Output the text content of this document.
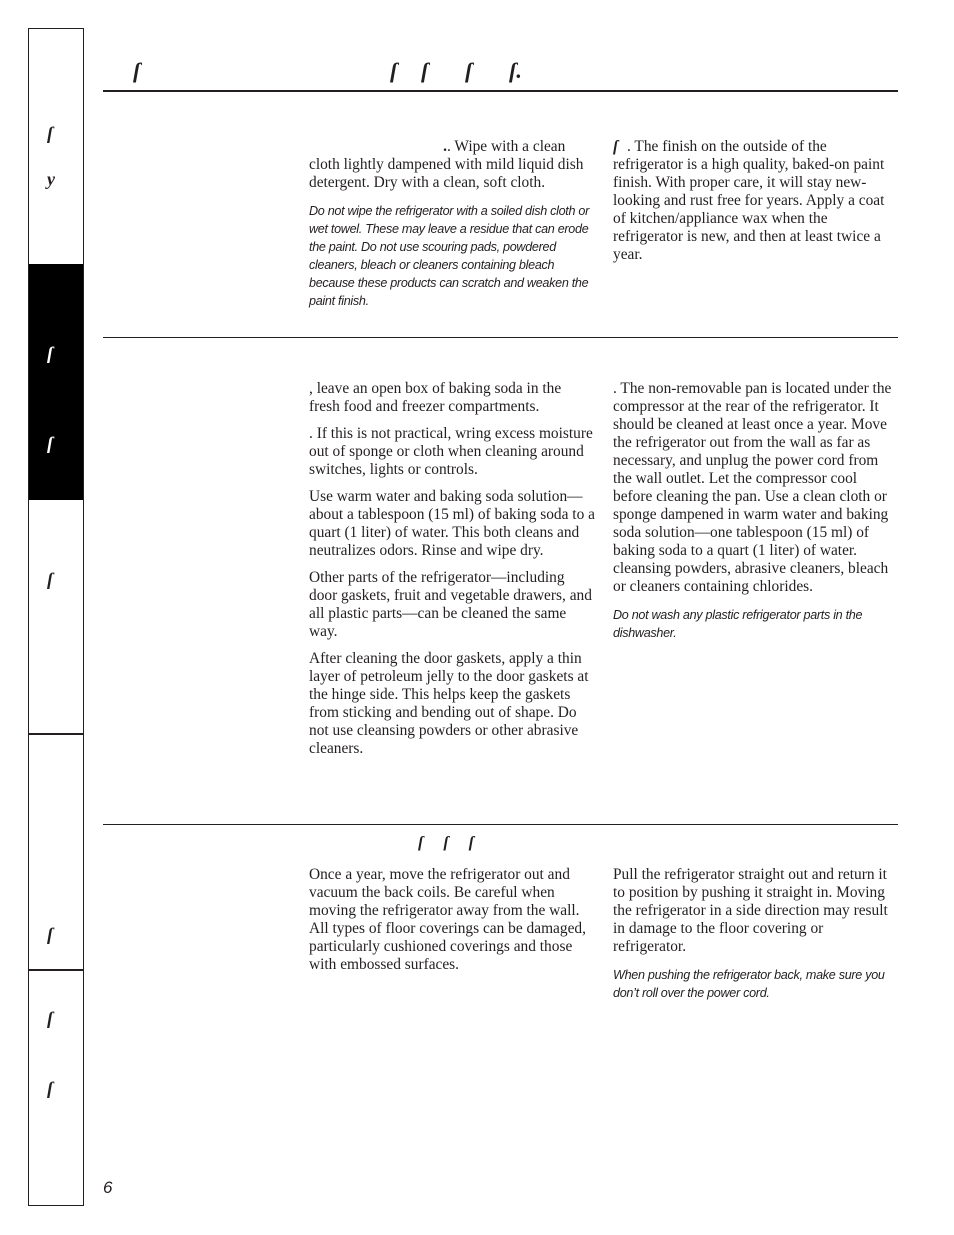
ſ
y
ſ
ſ
ſ
ſ
ſ
ſ
ſ	ſ ſ ſ ſ.

.. Wipe with a clean cloth lightly dampened with mild liquid dish detergent. Dry with a clean, soft cloth.

Do not wipe the refrigerator with a soiled dish cloth or wet towel. These may leave a residue that can erode the paint. Do not use scouring pads, powdered cleaners, bleach or cleaners containing bleach because these products can scratch and weaken the paint finish.

ſ . The finish on the outside of the refrigerator is a high quality, baked-on paint finish. With proper care, it will stay new-looking and rust free for years. Apply a coat of kitchen/appliance wax when the refrigerator is new, and then at least twice a year.

, leave an open box of baking soda in the fresh food and freezer compartments.

. If this is not practical, wring excess moisture out of sponge or cloth when cleaning around switches, lights or controls.

Use warm water and baking soda solution—about a tablespoon (15 ml) of baking soda to a quart (1 liter) of water. This both cleans and neutralizes odors. Rinse and wipe dry.

Other parts of the refrigerator—including door gaskets, fruit and vegetable drawers, and all plastic parts—can be cleaned the same way.

After cleaning the door gaskets, apply a thin layer of petroleum jelly to the door gaskets at the hinge side. This helps keep the gaskets from sticking and bending out of shape. Do not use cleansing powders or other abrasive cleaners.

. The non-removable pan is located under the compressor at the rear of the refrigerator. It should be cleaned at least once a year. Move the refrigerator out from the wall as far as necessary, and unplug the power cord from the wall outlet. Let the compressor cool before cleaning the pan. Use a clean cloth or sponge dampened in warm water and baking soda solution—one tablespoon (15 ml) of baking soda to a quart (1 liter) of water. cleansing powders, abrasive cleaners, bleach or cleaners containing chlorides.

Do not wash any plastic refrigerator parts in the dishwasher.

ſſſ

Once a year, move the refrigerator out and vacuum the back coils. Be careful when moving the refrigerator away from the wall. All types of floor coverings can be damaged, particularly cushioned coverings and those with embossed surfaces.

Pull the refrigerator straight out and return it to position by pushing it straight in. Moving the refrigerator in a side direction may result in damage to the floor covering or refrigerator.

When pushing the refrigerator back, make sure you don’t roll over the power cord.

6
